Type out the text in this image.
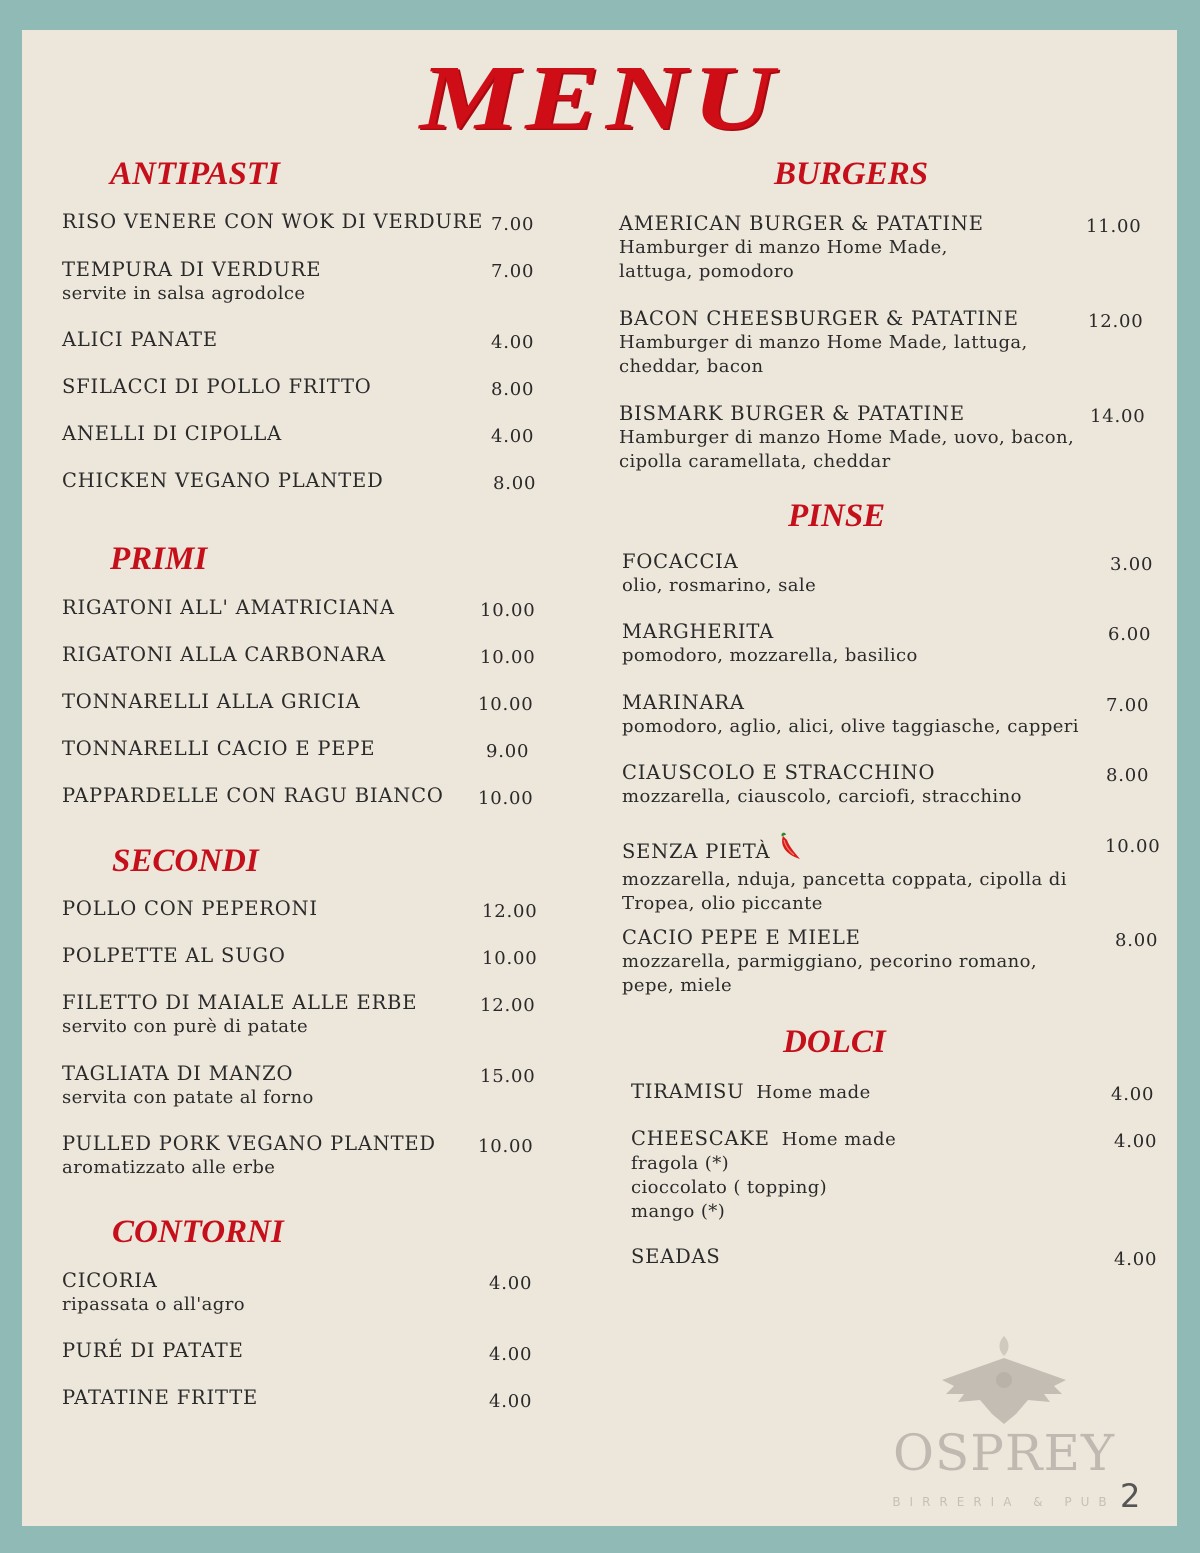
MENU
ANTIPASTI
RISO VENERE CON WOK DI VERDURE 7.00
TEMPURA DI VERDURE
servite in salsa agrodolce
7.00
ALICI PANATE	4.00
SFILACCI DI POLLO FRITTO	8.00
ANELLI DI CIPOLLA	4.00
CHICKEN VEGANO PLANTED	8.00
PRIMI
RIGATONI ALL' AMATRICIANA	10.00
RIGATONI ALLA CARBONARA	10.00
TONNARELLI ALLA GRICIA	10.00
TONNARELLI CACIO E PEPE	9.00
PAPPARDELLE CON RAGU BIANCO 10.00
SECONDI
POLLO CON PEPERONI	12.00
POLPETTE AL SUGO	10.00
FILETTO DI MAIALE ALLE ERBE
servito con purè di patate
12.00
TAGLIATA DI MANZO
servita con patate al forno
15.00
PULLED PORK VEGANO PLANTED
aromatizzato alle erbe
10.00
CONTORNI
CICORIA
ripassata o all'agro
4.00
PURÉ DI PATATE	4.00
PATATINE FRITTE	4.00
BURGERS
AMERICAN BURGER & PATATINE
Hamburger di manzo Home Made,
lattuga, pomodoro
11.00
BACON CHEESBURGER & PATATINE
Hamburger di manzo Home Made, lattuga,
cheddar, bacon
12.00
BISMARK BURGER & PATATINE
Hamburger di manzo Home Made, uovo, bacon,
cipolla caramellata, cheddar
14.00
PINSE
FOCACCIA
olio, rosmarino, sale
3.00
MARGHERITA
pomodoro, mozzarella, basilico
6.00
MARINARA
pomodoro, aglio, alici, olive taggiasche, capperi
7.00
CIAUSCOLO E STRACCHINO
mozzarella, ciauscolo, carciofi, stracchino
8.00
SENZA PIETÀ
mozzarella, nduja, pancetta coppata, cipolla di
Tropea, olio piccante
10.00
CACIO PEPE E MIELE
mozzarella, parmiggiano, pecorino romano,
pepe, miele
8.00
DOLCI
TIRAMISU Home made	4.00
CHEESCAKE Home made
fragola (*)
cioccolato ( topping)
mango (*)
4.00
SEADAS	4.00
OSPREY
BIRRERIA & PUB 2
